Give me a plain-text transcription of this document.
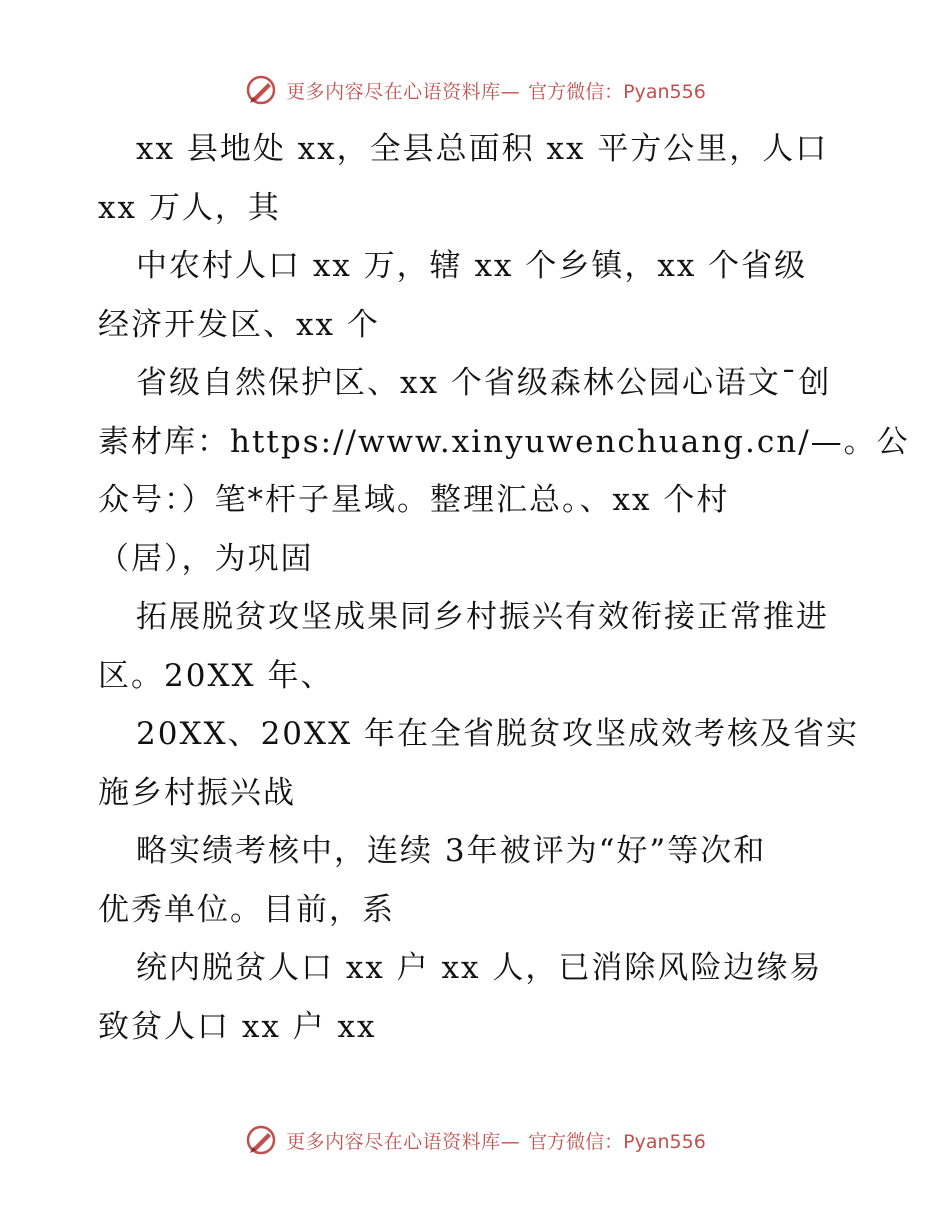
更多内容尽在心语资料库— 官方微信：Pyan556
xx 县地处 xx，全县总面积 xx 平方公里，人口
xx 万人，其
中农村人口 xx 万，辖 xx 个乡镇，xx 个省级
经济开发区、xx 个
省级自然保护区、xx 个省级森林公园心语文¯创
素材库：https://www.xinyuwenchuang.cn/—。公
众号：）笔*杆子星域。整理汇总。、xx 个村
（居），为巩固
拓展脱贫攻坚成果同乡村振兴有效衔接正常推进
区。20XX 年、
20XX、20XX 年在全省脱贫攻坚成效考核及省实
施乡村振兴战
略实绩考核中，连续 3年被评为“好”等次和
优秀单位。目前，系
统内脱贫人口 xx 户 xx 人，已消除风险边缘易
致贫人口 xx 户 xx
更多内容尽在心语资料库— 官方微信：Pyan556
